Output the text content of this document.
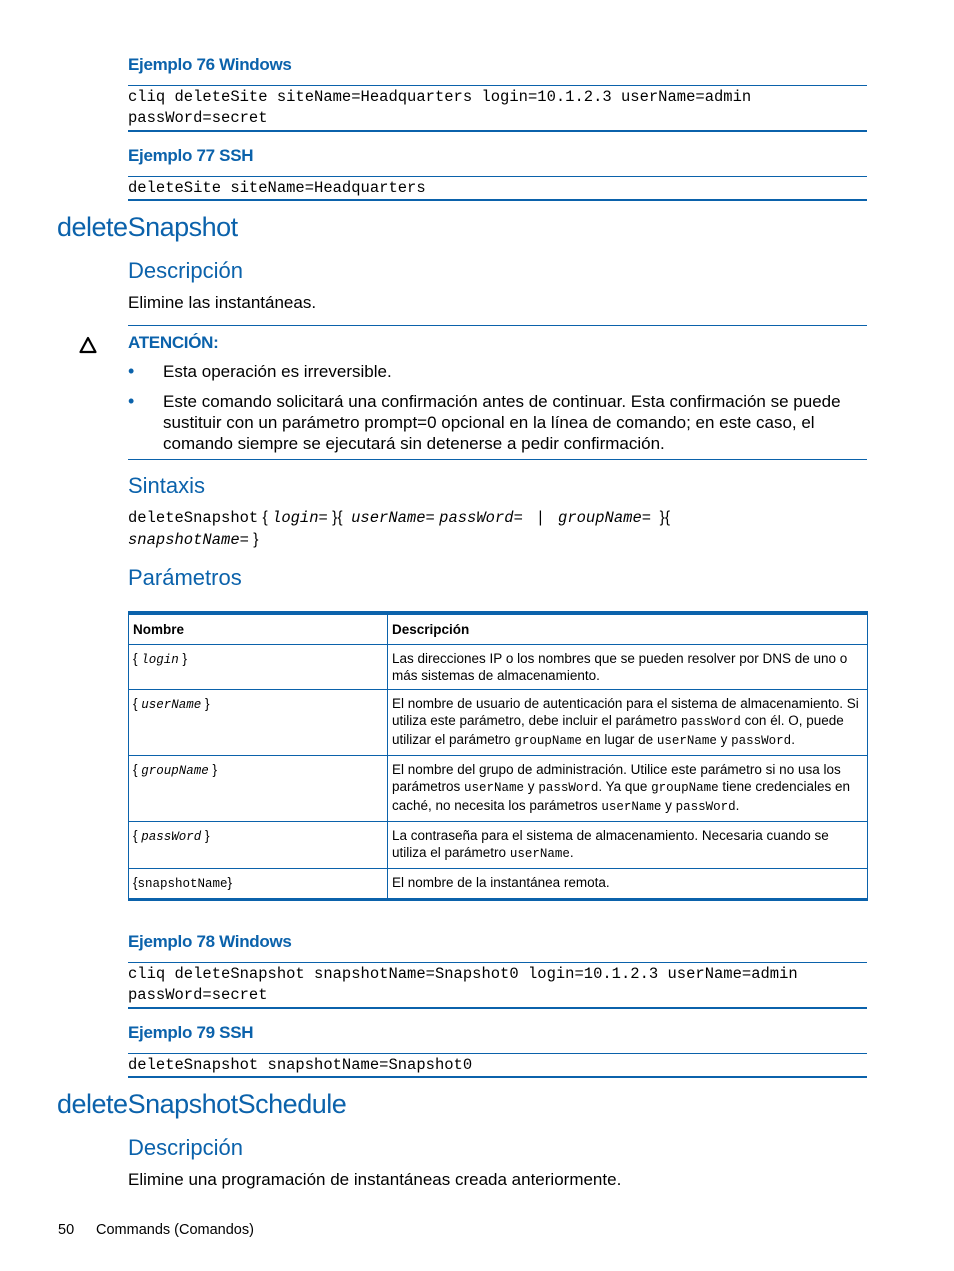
Ejemplo 76 Windows
cliq deleteSite siteName=Headquarters login=10.1.2.3 userName=admin
passWord=secret
Ejemplo 77 SSH
deleteSite siteName=Headquarters
deleteSnapshot
Descripción
Elimine las instantáneas.
ATENCIÓN:
• Esta operación es irreversible.
• Este comando solicitará una confirmación antes de continuar. Esta confirmación se puede
sustituir con un parámetro prompt=0 opcional en la línea de comando; en este caso, el
comando siempre se ejecutará sin detenerse a pedir confirmación.
Sintaxis
deleteSnapshot { login= }{  userName= passWord= | groupName=  }{
snapshotName= }
Parámetros
Nombre	Descripción
{ login }	Las direcciones IP o los nombres que se pueden resolver por DNS de uno o más sistemas de almacenamiento.
{ userName }	El nombre de usuario de autenticación para el sistema de almacenamiento. Si utiliza este parámetro, debe incluir el parámetro passWord con él. O, puede utilizar el parámetro groupName en lugar de userName y passWord.
{ groupName }	El nombre del grupo de administración. Utilice este parámetro si no usa los parámetros userName y passWord. Ya que groupName tiene credenciales en caché, no necesita los parámetros userName y passWord.
{ passWord }	La contraseña para el sistema de almacenamiento. Necesaria cuando se utiliza el parámetro userName.
{snapshotName}	El nombre de la instantánea remota.
Ejemplo 78 Windows
cliq deleteSnapshot snapshotName=Snapshot0 login=10.1.2.3 userName=admin
passWord=secret
Ejemplo 79 SSH
deleteSnapshot snapshotName=Snapshot0
deleteSnapshotSchedule
Descripción
Elimine una programación de instantáneas creada anteriormente.
50 Commands (Comandos)
